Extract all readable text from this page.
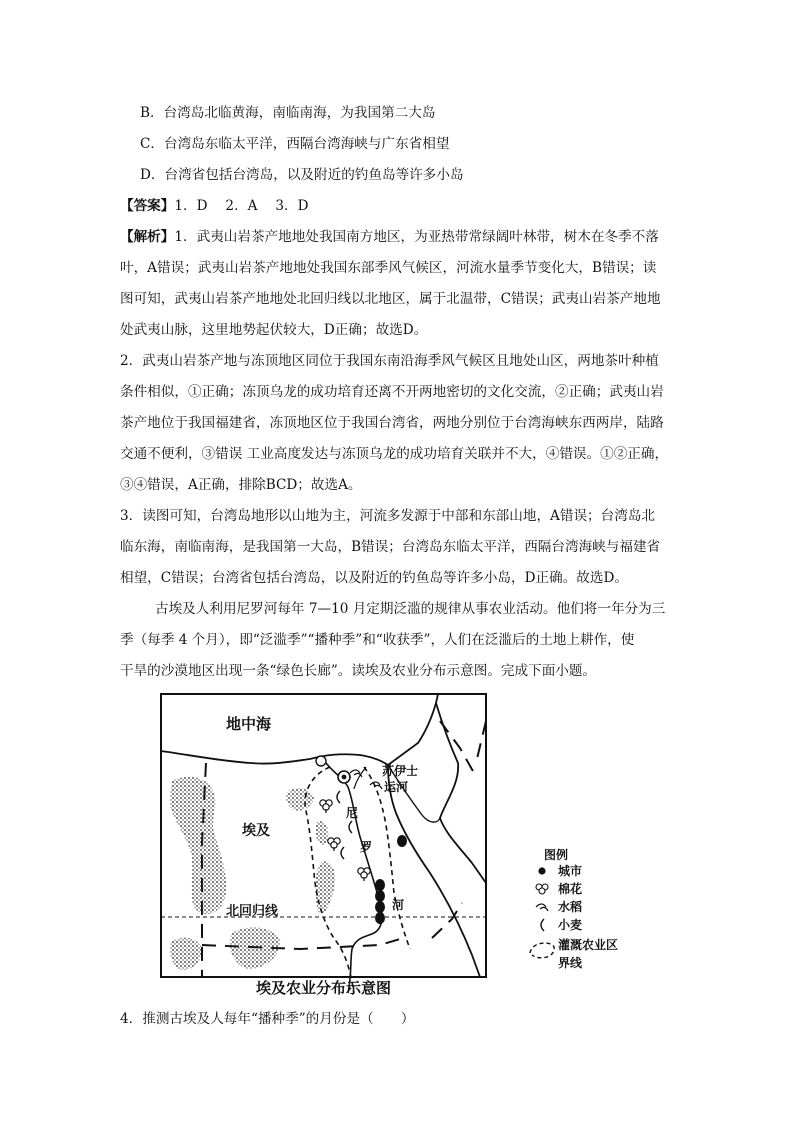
B．台湾岛北临黄海，南临南海，为我国第二大岛
C．台湾岛东临太平洋，西隔台湾海峡与广东省相望
D．台湾省包括台湾岛，以及附近的钓鱼岛等许多小岛
【答案】1．D　 2．A　 3．D
【解析】1．武夷山岩茶产地地处我国南方地区，为亚热带常绿阔叶林带，树木在冬季不落
叶，A错误；武夷山岩茶产地地处我国东部季风气候区，河流水量季节变化大，B错误；读
图可知，武夷山岩茶产地地处北回归线以北地区，属于北温带，C错误；武夷山岩茶产地地
处武夷山脉，这里地势起伏较大，D正确；故选D。
2．武夷山岩茶产地与冻顶地区同位于我国东南沿海季风气候区且地处山区，两地茶叶种植
条件相似，①正确；冻顶乌龙的成功培育还离不开两地密切的文化交流，②正确；武夷山岩
茶产地位于我国福建省，冻顶地区位于我国台湾省，两地分别位于台湾海峡东西两岸，陆路
交通不便利，③错误 工业高度发达与冻顶乌龙的成功培育关联并不大，④错误。①②正确，
③④错误，A正确，排除BCD；故选A。
3．读图可知，台湾岛地形以山地为主，河流多发源于中部和东部山地，A错误；台湾岛北
临东海，南临南海，是我国第一大岛，B错误；台湾岛东临太平洋，西隔台湾海峡与福建省
相望，C错误；台湾省包括台湾岛，以及附近的钓鱼岛等许多小岛，D正确。故选D。
古埃及人利用尼罗河每年 7—10 月定期泛滥的规律从事农业活动。他们将一年分为三
季（每季 4 个月），即“泛滥季”“播种季”和“收获季”，人们在泛滥后的土地上耕作，使
干旱的沙漠地区出现一条“绿色长廊”。读埃及农业分布示意图。完成下面小题。
地中海
埃及
北回归线
苏伊士
运河
尼
罗
河
图例
城市
棉花
水稻
小麦
灌溉农业区
界线
埃及农业分布示意图
4．推测古埃及人每年“播种季”的月份是（　　）
